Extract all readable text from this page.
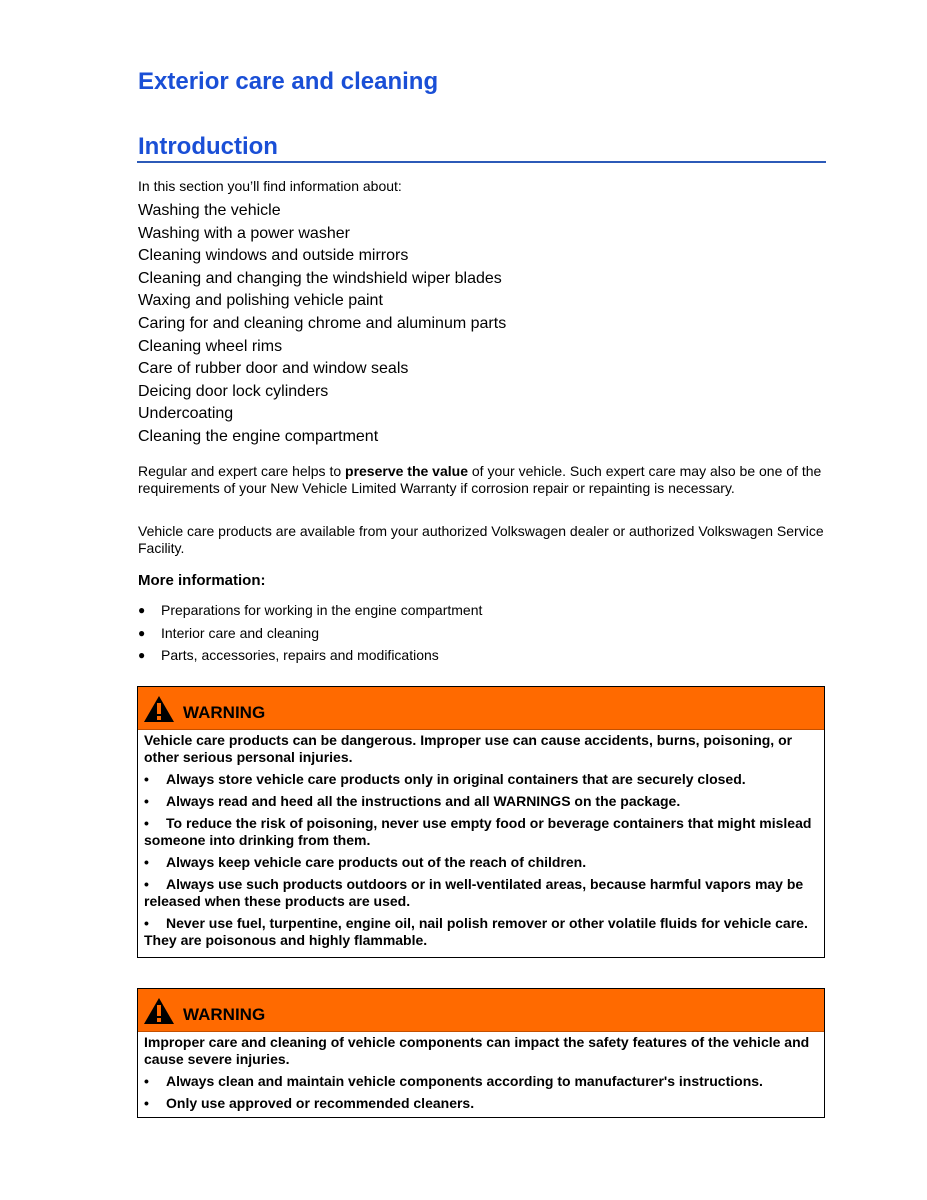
Exterior care and cleaning
Introduction

In this section you’ll find information about:

Washing the vehicle
Washing with a power washer
Cleaning windows and outside mirrors
Cleaning and changing the windshield wiper blades
Waxing and polishing vehicle paint
Caring for and cleaning chrome and aluminum parts
Cleaning wheel rims
Care of rubber door and window seals
Deicing door lock cylinders
Undercoating
Cleaning the engine compartment

Regular and expert care helps to preserve the value of your vehicle. Such expert care may also be one of the requirements of your New Vehicle Limited Warranty if corrosion repair or repainting is necessary.

Vehicle care products are available from your authorized Volkswagen dealer or authorized Volkswagen Service Facility.

More information:

● Preparations for working in the engine compartment
● Interior care and cleaning
● Parts, accessories, repairs and modifications
WARNING

Vehicle care products can be dangerous. Improper use can cause accidents, burns, poisoning, or other serious personal injuries.

• Always store vehicle care products only in original containers that are securely closed.

• Always read and heed all the instructions and all WARNINGS on the package.

• To reduce the risk of poisoning, never use empty food or beverage containers that might mislead someone into drinking from them.

• Always keep vehicle care products out of the reach of children.

• Always use such products outdoors or in well-ventilated areas, because harmful vapors may be released when these products are used.

• Never use fuel, turpentine, engine oil, nail polish remover or other volatile fluids for vehicle care. They are poisonous and highly flammable.

WARNING

Improper care and cleaning of vehicle components can impact the safety features of the vehicle and cause severe injuries.

• Always clean and maintain vehicle components according to manufacturer's instructions.

• Only use approved or recommended cleaners.
